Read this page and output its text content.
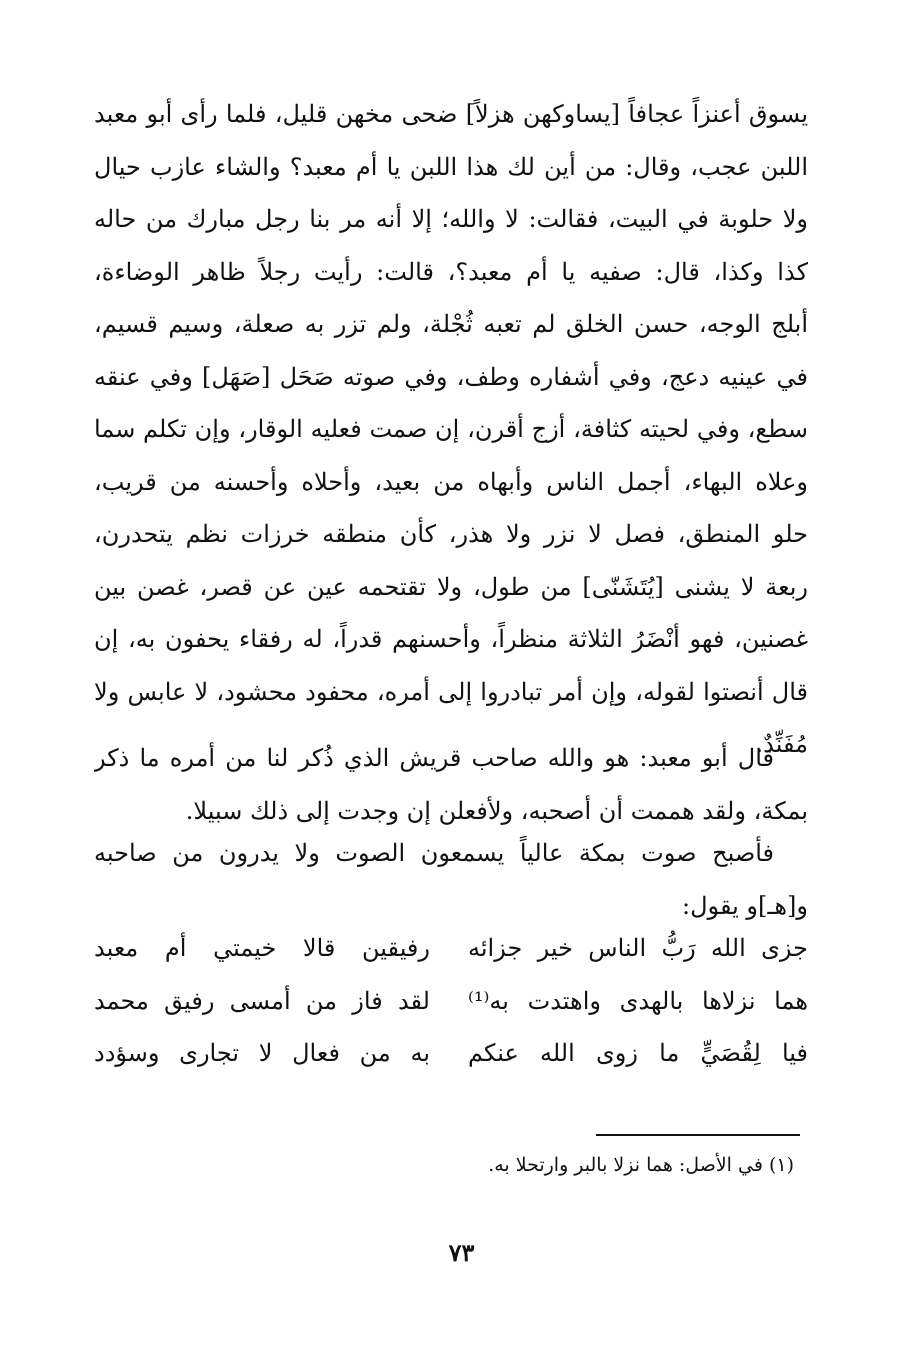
يسوق أعنزاً عجافاً [يساوكهن هزلاً] ضحى مخهن قليل، فلما رأى أبو معبد
اللبن عجب، وقال: من أين لك هذا اللبن يا أم معبد؟ والشاء عازب حيال
ولا حلوبة في البيت، فقالت: لا والله؛ إلا أنه مر بنا رجل مبارك من حاله
كذا وكذا، قال: صفيه يا أم معبد؟، قالت: رأيت رجلاً ظاهر الوضاءة،
أبلج الوجه، حسن الخلق لم تعبه ثُجْلة، ولم تزر به صعلة، وسيم قسيم،
في عينيه دعج، وفي أشفاره وطف، وفي صوته صَحَل [صَهَل] وفي عنقه
سطع، وفي لحيته كثافة، أزج أقرن، إن صمت فعليه الوقار، وإن تكلم سما
وعلاه البهاء، أجمل الناس وأبهاه من بعيد، وأحلاه وأحسنه من قريب،
حلو المنطق، فصل لا نزر ولا هذر، كأن منطقه خرزات نظم يتحدرن،
ربعة لا يشنى [يُتَشَنّى] من طول، ولا تقتحمه عين عن قصر، غصن بين
غصنين، فهو أنْضَرُ الثلاثة منظراً، وأحسنهم قدراً، له رفقاء يحفون به، إن
قال أنصتوا لقوله، وإن أمر تبادروا إلى أمره، محفود محشود، لا عابس ولا
مُفَنِّدٌ.
قال أبو معبد: هو والله صاحب قريش الذي ذُكر لنا من أمره ما ذكر
بمكة، ولقد هممت أن أصحبه، ولأفعلن إن وجدت إلى ذلك سبيلا.
فأصبح صوت بمكة عالياً يسمعون الصوت ولا يدرون من صاحبه
و[هـ]و يقول:
جزى الله رَبُّ الناس خير جزائه
رفيقين قالا خيمتي أم معبد
هما نزلاها بالهدى واهتدت به⁽¹⁾
لقد فاز من أمسى رفيق محمد
فيا لِقُصَيٍّ ما زوى الله عنكم
به من فعال لا تجارى وسؤدد
(١) في الأصل: هما نزلا بالبر وارتحلا به.
٧٣
